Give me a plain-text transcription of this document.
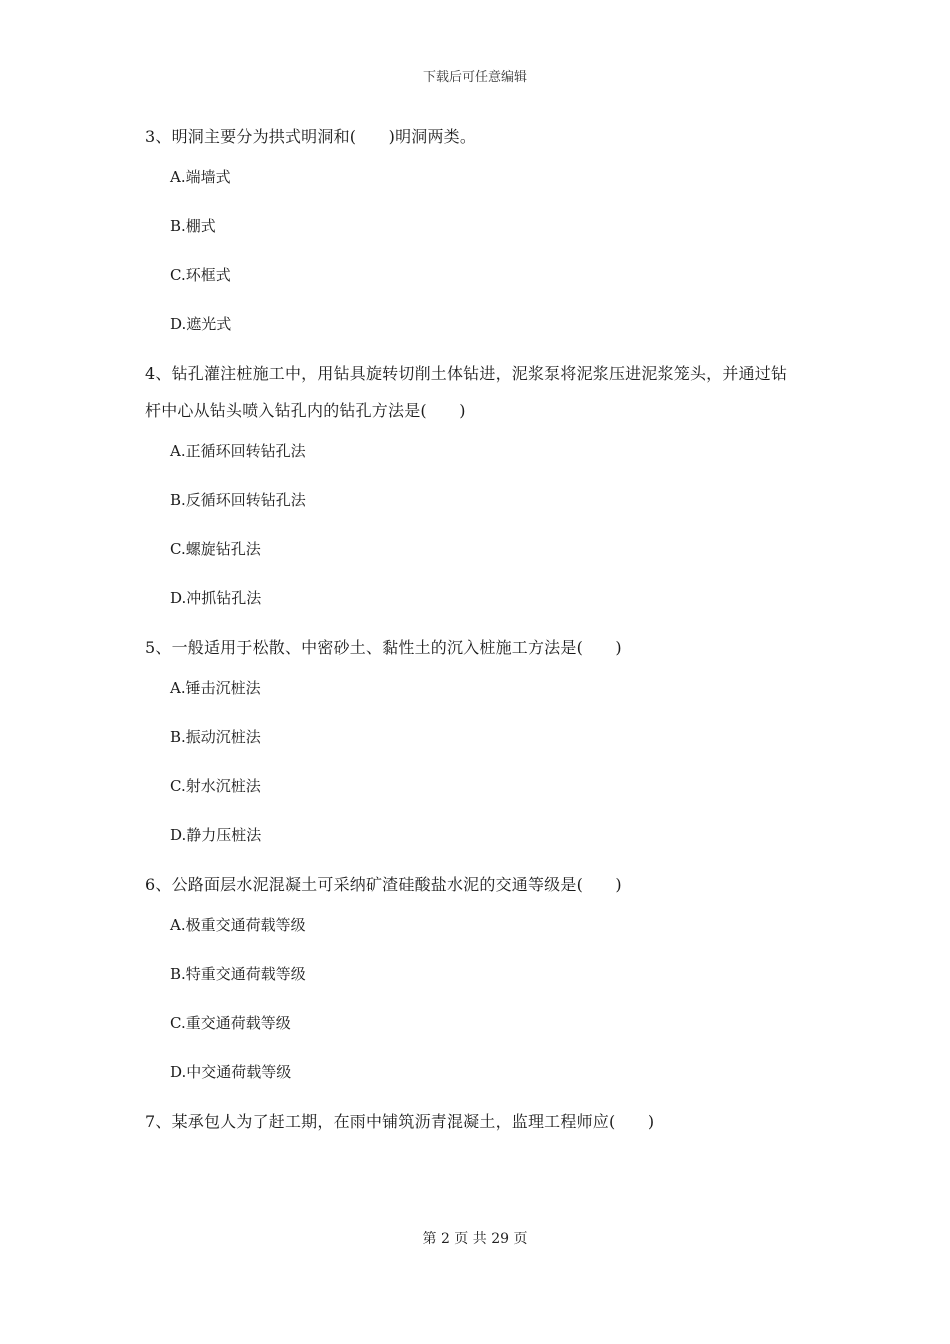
下载后可任意编辑

3、明洞主要分为拱式明洞和(　　)明洞两类。

A.端墙式

B.棚式

C.环框式

D.遮光式

4、钻孔灌注桩施工中，用钻具旋转切削土体钻进，泥浆泵将泥浆压进泥浆笼头，并通过钻

杆中心从钻头喷入钻孔内的钻孔方法是(　　)

A.正循环回转钻孔法

B.反循环回转钻孔法

C.螺旋钻孔法

D.冲抓钻孔法

5、一般适用于松散、中密砂土、黏性土的沉入桩施工方法是(　　)

A.锤击沉桩法

B.振动沉桩法

C.射水沉桩法

D.静力压桩法

6、公路面层水泥混凝土可采纳矿渣硅酸盐水泥的交通等级是(　　)

A.极重交通荷载等级

B.特重交通荷载等级

C.重交通荷载等级

D.中交通荷载等级

7、某承包人为了赶工期，在雨中铺筑沥青混凝土，监理工程师应(　　)

第 2 页 共 29 页
